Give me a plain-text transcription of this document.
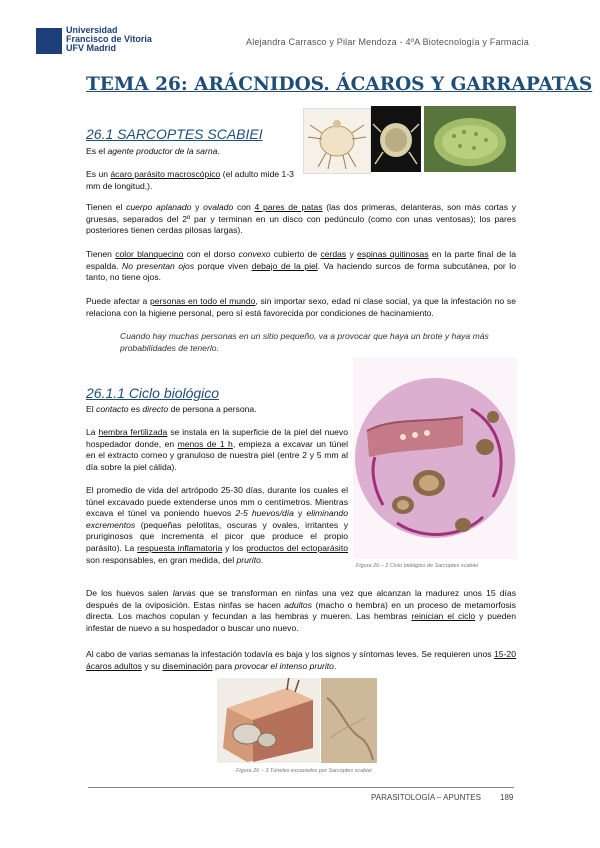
Universidad
Francisco de Vitoria
UFV Madrid
Alejandra Carrasco y Pilar Mendoza - 4ºA Biotecnología y Farmacia
TEMA 26: ARÁCNIDOS. ÁCAROS Y GARRAPATAS
26.1 SARCOPTES SCABIEI
Es el agente productor de la sarna.
Es un ácaro parásito macroscópico (el adulto mide 1-3 mm de longitud,).
Tienen el cuerpo aplanado y ovalado con 4 pares de patas (las dos primeras, delanteras, son más cortas y gruesas, separados del 2º par y terminan en un disco con pedúnculo (como con unas ventosas); los pares posteriores tienen cerdas pilosas largas).
Tienen color blanquecino con el dorso convexo cubierto de cerdas y espinas quitinosas en la parte final de la espalda. No presentan ojos porque viven debajo de la piel. Va haciendo surcos de forma subcutánea, por lo tanto, no tiene ojos.
Puede afectar a personas en todo el mundo, sin importar sexo, edad ni clase social, ya que la infestación no se relaciona con la higiene personal, pero sí está favorecida por condiciones de hacinamiento.
Cuando hay muchas personas en un sitio pequeño, va a provocar que haya un brote y haya más probabilidades de tenerlo.
26.1.1 Ciclo biológico
Figura 26 – 2 Ciclo biológico de Sarcoptes scabiei
El contacto es directo de persona a persona.
La hembra fertilizada se instala en la superficie de la piel del nuevo hospedador donde, en menos de 1 h, empieza a excavar un túnel en el extracto corneo y granuloso de nuestra piel (entre 2 y 5 mm al día sobre la piel cálida).
El promedio de vida del artrópodo 25-30 días, durante los cuales el túnel excavado puede extenderse unos mm o centímetros. Mientras excava el túnel va poniendo huevos 2-5 huevos/día y eliminando excrementos (pequeñas pelotitas, oscuras y ovales, irritantes y pruriginosos que incrementa el picor que produce el propio parásito). La respuesta inflamatoria y los productos del ectoparásito son responsables, en gran medida, del prurito.
De los huevos salen larvas que se transforman en ninfas una vez que alcanzan la madurez unos 15 días después de la oviposición. Estas ninfas se hacen adultos (macho o hembra) en un proceso de metamorfosis directa. Los machos copulan y fecundan a las hembras y mueren. Las hembras reinician el ciclo y pueden infestar de nuevo a su hospedador o buscar uno nuevo.
Al cabo de varias semanas la infestación todavía es baja y los signos y síntomas leves. Se requieren unos 15-20 ácaros adultos y su diseminación para provocar el intenso prurito.
Figura 26 – 3 Túneles excavados por Sarcoptes scabiei
PARASITOLOGÍA – APUNTES 189
